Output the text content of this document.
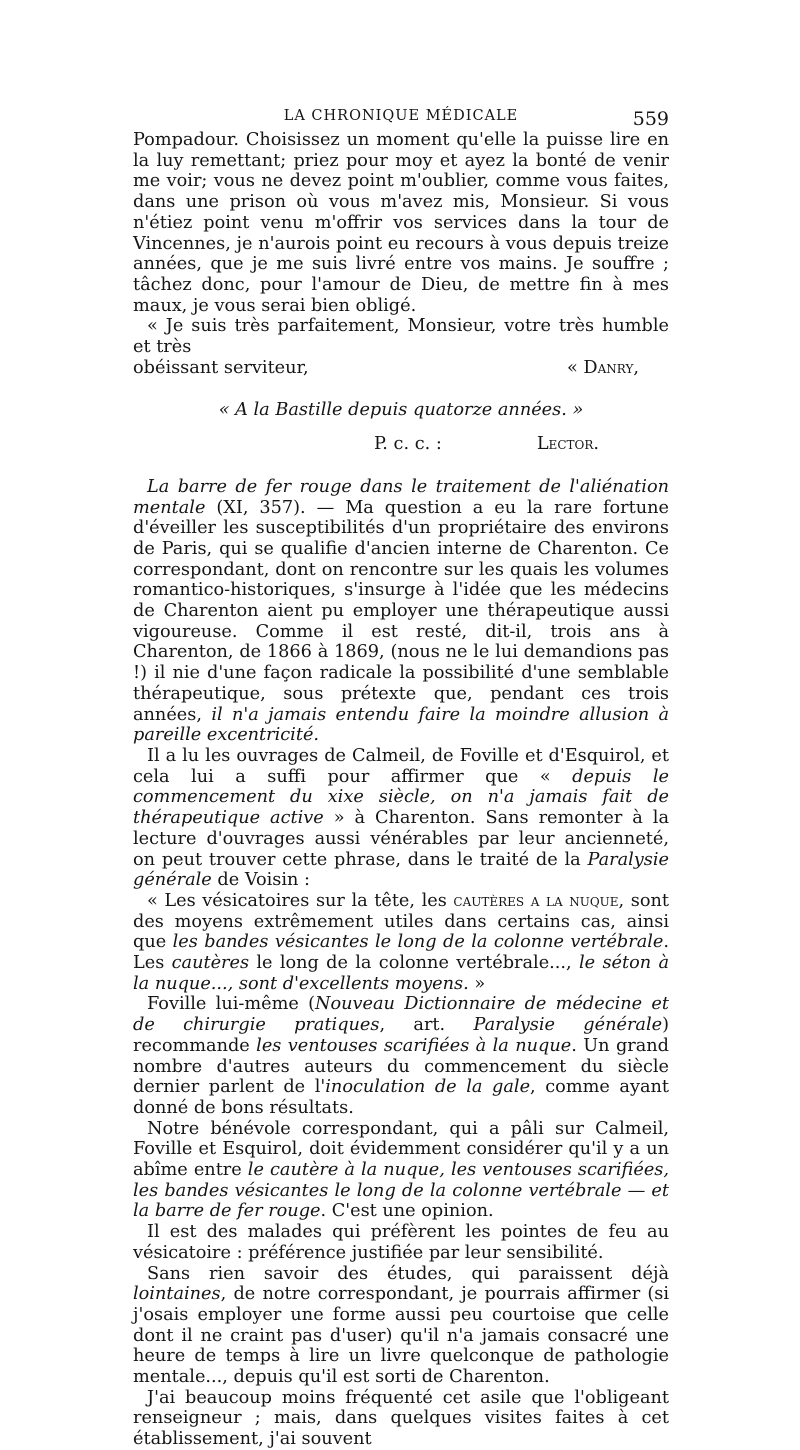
LA CHRONIQUE MÉDICALE	559

Pompadour. Choisissez un moment qu'elle la puisse lire en la luy remettant; priez pour moy et ayez la bonté de venir me voir; vous ne devez point m'oublier, comme vous faites, dans une prison où vous m'avez mis, Monsieur. Si vous n'étiez point venu m'offrir vos services dans la tour de Vincennes, je n'aurois point eu recours à vous depuis treize années, que je me suis livré entre vos mains. Je souffre ; tâchez donc, pour l'amour de Dieu, de mettre fin à mes maux, je vous serai bien obligé.

« Je suis très parfaitement, Monsieur, votre très humble et très

obéissant serviteur,	« Danry,

« A la Bastille depuis quatorze années. »

P. c. c. :	Lector.

La barre de fer rouge dans le traitement de l'aliénation mentale (XI, 357). — Ma question a eu la rare fortune d'éveiller les susceptibilités d'un propriétaire des environs de Paris, qui se qualifie d'ancien interne de Charenton. Ce correspondant, dont on rencontre sur les quais les volumes romantico-historiques, s'insurge à l'idée que les médecins de Charenton aient pu employer une thérapeutique aussi vigoureuse. Comme il est resté, dit-il, trois ans à Charenton, de 1866 à 1869, (nous ne le lui demandions pas !) il nie d'une façon radicale la possibilité d'une semblable thérapeutique, sous prétexte que, pendant ces trois années, il n'a jamais entendu faire la moindre allusion à pareille excentricité.

Il a lu les ouvrages de Calmeil, de Foville et d'Esquirol, et cela lui a suffi pour affirmer que « depuis le commencement du xixe siècle, on n'a jamais fait de thérapeutique active » à Charenton. Sans remonter à la lecture d'ouvrages aussi vénérables par leur ancienneté, on peut trouver cette phrase, dans le traité de la Paralysie générale de Voisin :

« Les vésicatoires sur la tête, les cautères a la nuque, sont des moyens extrêmement utiles dans certains cas, ainsi que les bandes vésicantes le long de la colonne vertébrale. Les cautères le long de la colonne vertébrale..., le séton à la nuque..., sont d'excellents moyens. »

Foville lui-même (Nouveau Dictionnaire de médecine et de chirurgie pratiques, art. Paralysie générale) recommande les ventouses scarifiées à la nuque. Un grand nombre d'autres auteurs du commencement du siècle dernier parlent de l'inoculation de la gale, comme ayant donné de bons résultats.

Notre bénévole correspondant, qui a pâli sur Calmeil, Foville et Esquirol, doit évidemment considérer qu'il y a un abîme entre le cautère à la nuque, les ventouses scarifiées, les bandes vésicantes le long de la colonne vertébrale — et la barre de fer rouge. C'est une opinion.

Il est des malades qui préfèrent les pointes de feu au vésicatoire : préférence justifiée par leur sensibilité.

Sans rien savoir des études, qui paraissent déjà lointaines, de notre correspondant, je pourrais affirmer (si j'osais employer une forme aussi peu courtoise que celle dont il ne craint pas d'user) qu'il n'a jamais consacré une heure de temps à lire un livre quelconque de pathologie mentale..., depuis qu'il est sorti de Charenton.

J'ai beaucoup moins fréquenté cet asile que l'obligeant renseigneur ; mais, dans quelques visites faites à cet établissement, j'ai souvent
